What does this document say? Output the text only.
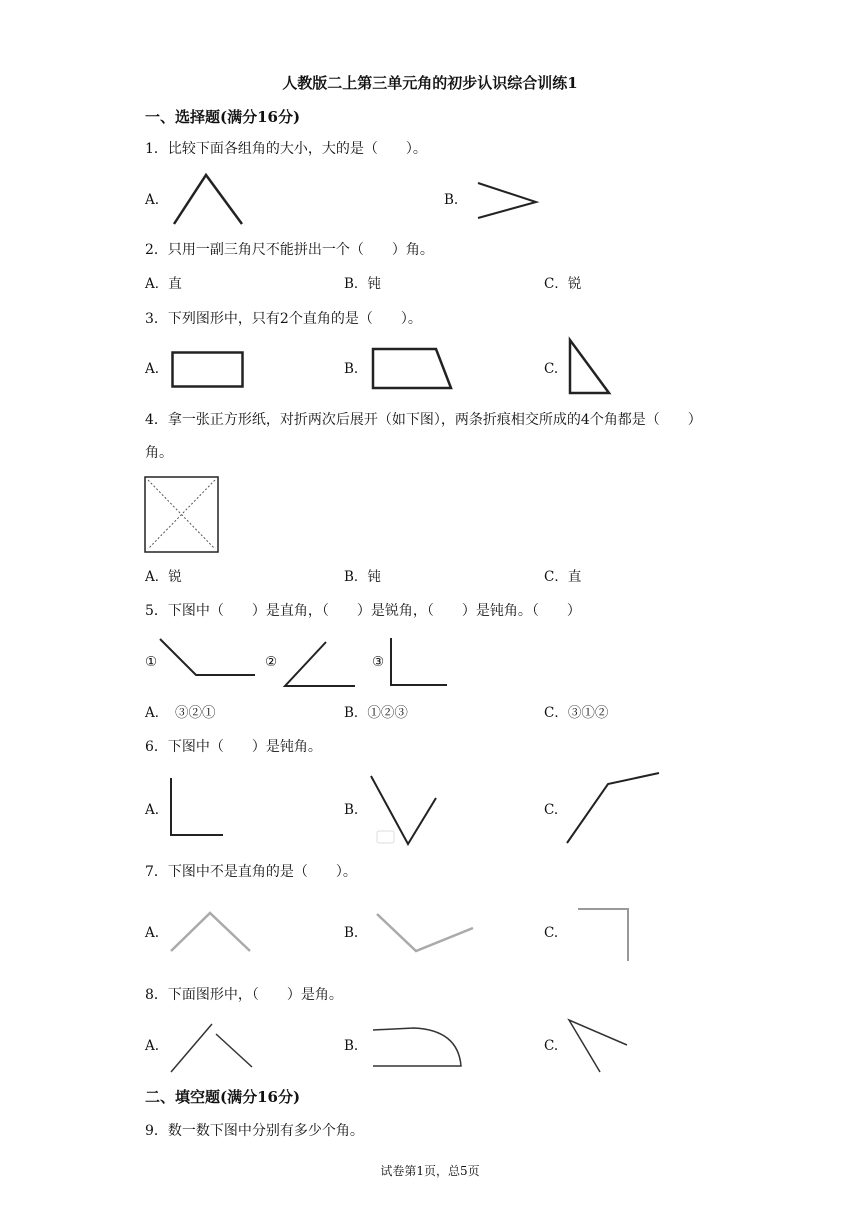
人教版二上第三单元角的初步认识综合训练1
一、选择题(满分16分)
1．比较下面各组角的大小，大的是（　　）。
A.	B.
2．只用一副三角尺不能拼出一个（　　）角。
A．直	B．钝	C．锐
3．下列图形中，只有2个直角的是（　　）。
A.	B.	C.
4．拿一张正方形纸，对折两次后展开（如下图），两条折痕相交所成的4个角都是（　　）
角。
A．锐	B．钝	C．直
5．下图中（　　）是直角，（　　）是锐角，（　　）是钝角。（　　）
①	②	③
A．　③②①	B．①②③	C．③①②
6．下图中（　　）是钝角。
A.	B.	C.
7．下图中不是直角的是（　　）。
A.	B.	C.
8．下面图形中，（　　）是角。
A.	B.	C.
二、填空题(满分16分)
9．数一数下图中分别有多少个角。
试卷第1页，总5页
